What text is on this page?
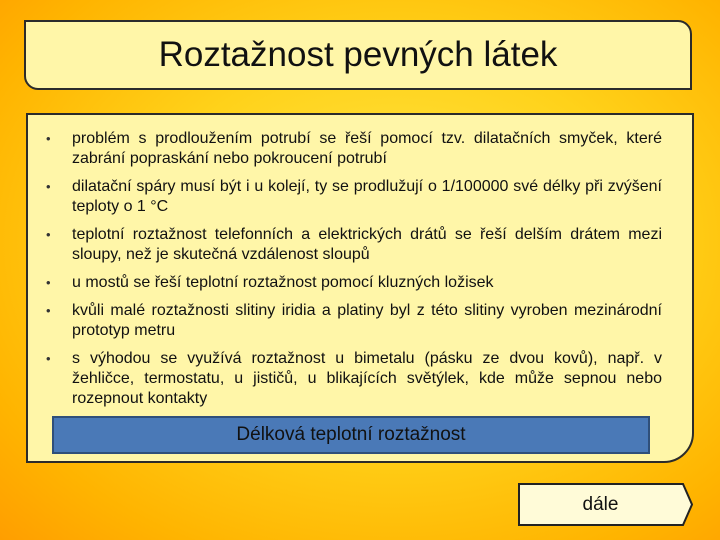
Roztažnost pevných látek
• problém s prodloužením potrubí se řeší pomocí tzv. dilatačních smyček, které zabrání popraskání nebo pokroucení potrubí
• dilatační spáry musí být i u kolejí, ty se prodlužují o 1/100000 své délky při zvýšení teploty o 1 °C
• teplotní roztažnost telefonních a elektrických drátů se řeší delším drátem mezi sloupy, než je skutečná vzdálenost sloupů
• u mostů se řeší teplotní roztažnost pomocí kluzných ložisek
• kvůli malé roztažnosti slitiny iridia a platiny byl z této slitiny vyroben mezinárodní prototyp metru
• s výhodou se využívá roztažnost u bimetalu (pásku ze dvou kovů), např. v žehličce, termostatu, u jističů, u blikajících světýlek, kde může sepnou nebo rozepnout kontakty
Délková teplotní roztažnost
dále
